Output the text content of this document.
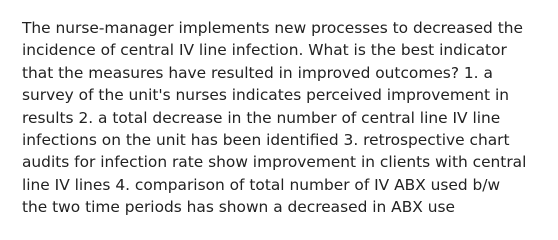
The nurse-manager implements new processes to decreased the
incidence of central IV line infection. What is the best indicator
that the measures have resulted in improved outcomes? 1. a
survey of the unit's nurses indicates perceived improvement in
results 2. a total decrease in the number of central line IV line
infections on the unit has been identified 3. retrospective chart
audits for infection rate show improvement in clients with central
line IV lines 4. comparison of total number of IV ABX used b/w
the two time periods has shown a decreased in ABX use
